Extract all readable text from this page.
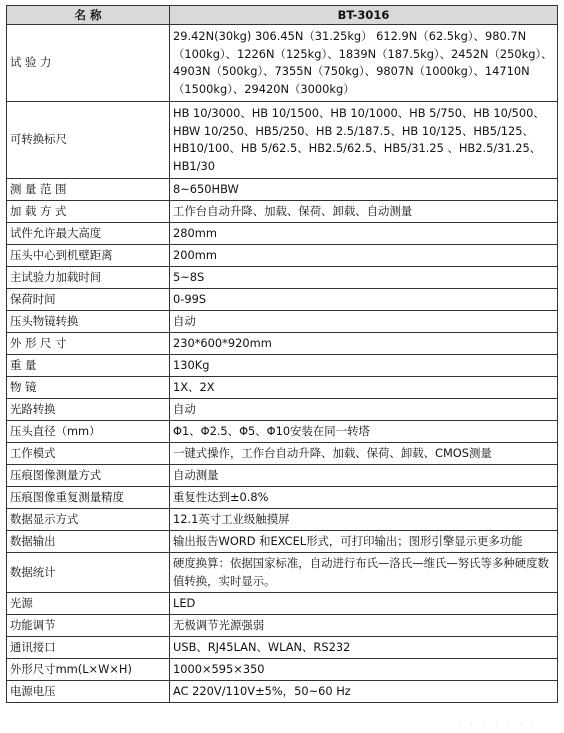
名 称	BT-3016
试 验 力	29.42N(30kg) 306.45N（31.25kg） 612.9N（62.5kg）、980.7N（100kg）、1226N（125kg）、1839N（187.5kg）、2452N（250kg）、4903N（500kg）、7355N（750kg）、9807N（1000kg）、14710N（1500kg）、29420N（3000kg）
可转换标尺	HB 10/3000、HB 10/1500、HB 10/1000、HB 5/750、HB 10/500、HBW 10/250、HB5/250、HB 2.5/187.5、HB 10/125、HB5/125、HB10/100、HB 5/62.5、HB2.5/62.5、HB5/31.25 、HB2.5/31.25、HB1/30
测 量 范 围	8~650HBW
加 载 方 式	工作台自动升降、加载、保荷、卸载、自动测量
试件允许最大高度	280mm
压头中心到机壁距离	200mm
主试验力加载时间	5~8S
保荷时间	0-99S
压头物镜转换	自动
外 形 尺 寸	230*600*920mm
重 量	130Kg
物 镜	1X、2X
光路转换	自动
压头直径（mm）	Φ1、Φ2.5、Φ5、Φ10安装在同一转塔
工作模式	一键式操作，工作台自动升降、加载、保荷、卸载、CMOS测量
压痕图像测量方式	自动测量
压痕图像重复测量精度	重复性达到±0.8%
数据显示方式	12.1英寸工业级触摸屏
数据输出	输出报告WORD 和EXCEL形式，可打印输出；图形引擎显示更多功能
数据统计	硬度换算：依据国家标准，自动进行布氏—洛氏—维氏—努氏等多种硬度数值转换，实时显示。
光源	LED
功能调节	无极调节光源强弱
通讯接口	USB、RJ45LAN、WLAN、RS232
外形尺寸mm(L×W×H)	1000×595×350
电源电压	AC 220V/110V±5%，50~60 Hz
· · · · · · ·
